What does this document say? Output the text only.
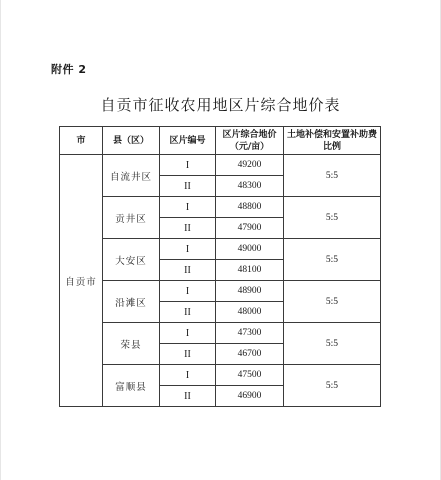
附件 2
自贡市征收农用地区片综合地价表
市	县（区）	区片编号	区片综合地价（元/亩）	土地补偿和安置补助费比例
自贡市	自流井区	I	49200	5:5
		II	48300	
	贡井区	I	48800	5:5
		II	47900	
	大安区	I	49000	5:5
		II	48100	
	沿滩区	I	48900	5:5
		II	48000	
	荣县	I	47300	5:5
		II	46700	
	富顺县	I	47500	5:5
		II	46900	
